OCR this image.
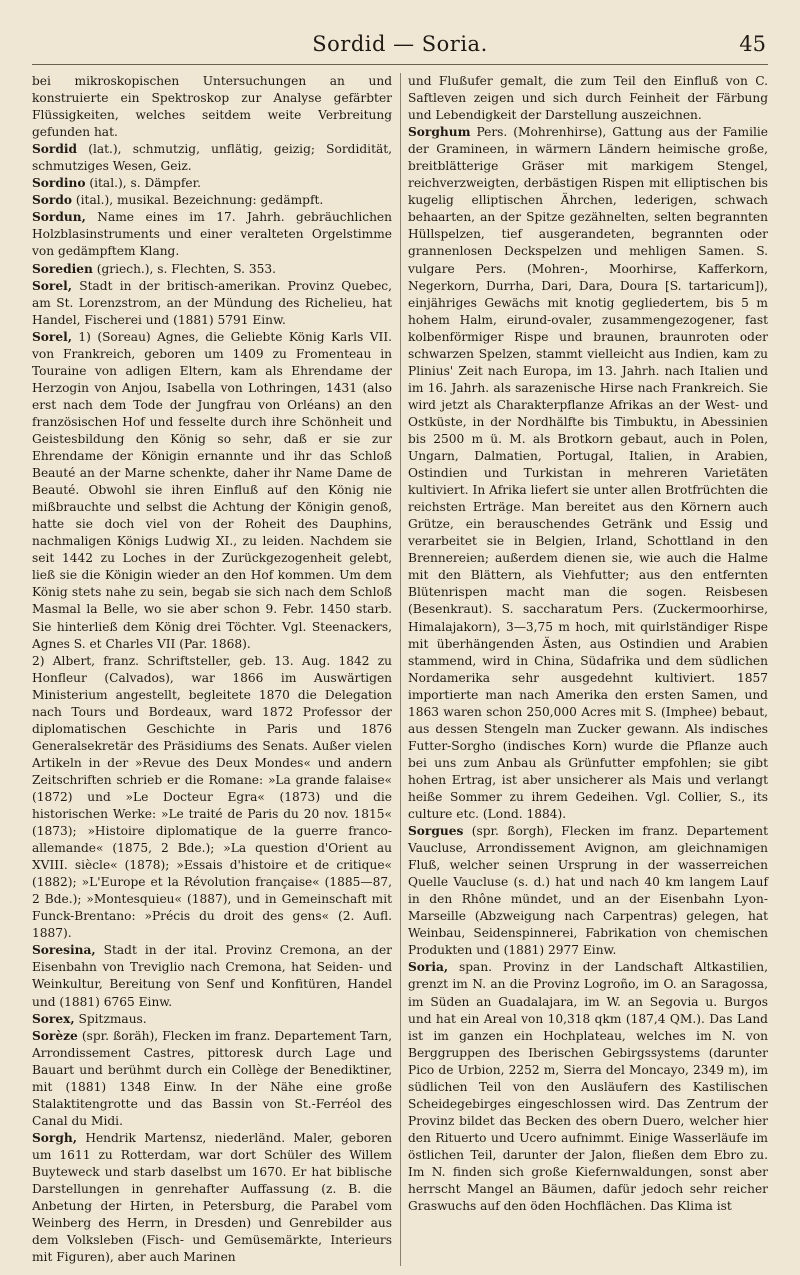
Sordid — Soria.	45

bei mikroskopischen Untersuchungen an und konstruierte ein Spektroskop zur Analyse gefärbter Flüssigkeiten, welches seitdem weite Verbreitung gefunden hat.

Sordid (lat.), schmutzig, unflätig, geizig; Sordidität, schmutziges Wesen, Geiz.

Sordino (ital.), s. Dämpfer.

Sordo (ital.), musikal. Bezeichnung: gedämpft.

Sordun, Name eines im 17. Jahrh. gebräuchlichen Holzblasinstruments und einer veralteten Orgelstimme von gedämpftem Klang.

Soredien (griech.), s. Flechten, S. 353.

Sorel, Stadt in der britisch-amerikan. Provinz Quebec, am St. Lorenzstrom, an der Mündung des Richelieu, hat Handel, Fischerei und (1881) 5791 Einw.

Sorel, 1) (Soreau) Agnes, die Geliebte König Karls VII. von Frankreich, geboren um 1409 zu Fromenteau in Touraine von adligen Eltern, kam als Ehrendame der Herzogin von Anjou, Isabella von Lothringen, 1431 (also erst nach dem Tode der Jungfrau von Orléans) an den französischen Hof und fesselte durch ihre Schönheit und Geistesbildung den König so sehr, daß er sie zur Ehrendame der Königin ernannte und ihr das Schloß Beauté an der Marne schenkte, daher ihr Name Dame de Beauté. Obwohl sie ihren Einfluß auf den König nie mißbrauchte und selbst die Achtung der Königin genoß, hatte sie doch viel von der Roheit des Dauphins, nachmaligen Königs Ludwig XI., zu leiden. Nachdem sie seit 1442 zu Loches in der Zurückgezogenheit gelebt, ließ sie die Königin wieder an den Hof kommen. Um dem König stets nahe zu sein, begab sie sich nach dem Schloß Masmal la Belle, wo sie aber schon 9. Febr. 1450 starb. Sie hinterließ dem König drei Töchter. Vgl. Steenackers, Agnes S. et Charles VII (Par. 1868).

2) Albert, franz. Schriftsteller, geb. 13. Aug. 1842 zu Honfleur (Calvados), war 1866 im Auswärtigen Ministerium angestellt, begleitete 1870 die Delegation nach Tours und Bordeaux, ward 1872 Professor der diplomatischen Geschichte in Paris und 1876 Generalsekretär des Präsidiums des Senats. Außer vielen Artikeln in der »Revue des Deux Mondes« und andern Zeitschriften schrieb er die Romane: »La grande falaise« (1872) und »Le Docteur Egra« (1873) und die historischen Werke: »Le traité de Paris du 20 nov. 1815« (1873); »Histoire diplomatique de la guerre franco-allemande« (1875, 2 Bde.); »La question d'Orient au XVIII. siècle« (1878); »Essais d'histoire et de critique« (1882); »L'Europe et la Révolution française« (1885—87, 2 Bde.); »Montesquieu« (1887), und in Gemeinschaft mit Funck-Brentano: »Précis du droit des gens« (2. Aufl. 1887).

Soresina, Stadt in der ital. Provinz Cremona, an der Eisenbahn von Treviglio nach Cremona, hat Seiden- und Weinkultur, Bereitung von Senf und Konfitüren, Handel und (1881) 6765 Einw.

Sorex, Spitzmaus.

Sorèze (spr. ßoräh), Flecken im franz. Departement Tarn, Arrondissement Castres, pittoresk durch Lage und Bauart und berühmt durch ein Collège der Benediktiner, mit (1881) 1348 Einw. In der Nähe eine große Stalaktitengrotte und das Bassin von St.-Ferréol des Canal du Midi.

Sorgh, Hendrik Martensz, niederländ. Maler, geboren um 1611 zu Rotterdam, war dort Schüler des Willem Buyteweck und starb daselbst um 1670. Er hat biblische Darstellungen in genrehafter Auffassung (z. B. die Anbetung der Hirten, in Petersburg, die Parabel vom Weinberg des Herrn, in Dresden) und Genrebilder aus dem Volksleben (Fisch- und Gemüsemärkte, Interieurs mit Figuren), aber auch Marinen

und Flußufer gemalt, die zum Teil den Einfluß von C. Saftleven zeigen und sich durch Feinheit der Färbung und Lebendigkeit der Darstellung auszeichnen.

Sorghum Pers. (Mohrenhirse), Gattung aus der Familie der Gramineen, in wärmern Ländern heimische große, breitblätterige Gräser mit markigem Stengel, reichverzweigten, derbästigen Rispen mit elliptischen bis kugelig elliptischen Ährchen, lederigen, schwach behaarten, an der Spitze gezähnelten, selten begrannten Hüllspelzen, tief ausgerandeten, begrannten oder grannenlosen Deckspelzen und mehligen Samen. S. vulgare Pers. (Mohren-, Moorhirse, Kafferkorn, Negerkorn, Durrha, Dari, Dara, Doura [S. tartaricum]), einjähriges Gewächs mit knotig gegliedertem, bis 5 m hohem Halm, eirund-ovaler, zusammengezogener, fast kolbenförmiger Rispe und braunen, braunroten oder schwarzen Spelzen, stammt vielleicht aus Indien, kam zu Plinius' Zeit nach Europa, im 13. Jahrh. nach Italien und im 16. Jahrh. als sarazenische Hirse nach Frankreich. Sie wird jetzt als Charakterpflanze Afrikas an der West- und Ostküste, in der Nordhälfte bis Timbuktu, in Abessinien bis 2500 m ü. M. als Brotkorn gebaut, auch in Polen, Ungarn, Dalmatien, Portugal, Italien, in Arabien, Ostindien und Turkistan in mehreren Varietäten kultiviert. In Afrika liefert sie unter allen Brotfrüchten die reichsten Erträge. Man bereitet aus den Körnern auch Grütze, ein berauschendes Getränk und Essig und verarbeitet sie in Belgien, Irland, Schottland in den Brennereien; außerdem dienen sie, wie auch die Halme mit den Blättern, als Viehfutter; aus den entfernten Blütenrispen macht man die sogen. Reisbesen (Besenkraut). S. saccharatum Pers. (Zuckermoorhirse, Himalajakorn), 3—3,75 m hoch, mit quirlständiger Rispe mit überhängenden Ästen, aus Ostindien und Arabien stammend, wird in China, Südafrika und dem südlichen Nordamerika sehr ausgedehnt kultiviert. 1857 importierte man nach Amerika den ersten Samen, und 1863 waren schon 250,000 Acres mit S. (Imphee) bebaut, aus dessen Stengeln man Zucker gewann. Als indisches Futter-Sorgho (indisches Korn) wurde die Pflanze auch bei uns zum Anbau als Grünfutter empfohlen; sie gibt hohen Ertrag, ist aber unsicherer als Mais und verlangt heiße Sommer zu ihrem Gedeihen. Vgl. Collier, S., its culture etc. (Lond. 1884).

Sorgues (spr. ßorgh), Flecken im franz. Departement Vaucluse, Arrondissement Avignon, am gleichnamigen Fluß, welcher seinen Ursprung in der wasserreichen Quelle Vaucluse (s. d.) hat und nach 40 km langem Lauf in den Rhône mündet, und an der Eisenbahn Lyon-Marseille (Abzweigung nach Carpentras) gelegen, hat Weinbau, Seidenspinnerei, Fabrikation von chemischen Produkten und (1881) 2977 Einw.

Soria, span. Provinz in der Landschaft Altkastilien, grenzt im N. an die Provinz Logroño, im O. an Saragossa, im Süden an Guadalajara, im W. an Segovia u. Burgos und hat ein Areal von 10,318 qkm (187,4 QM.). Das Land ist im ganzen ein Hochplateau, welches im N. von Berggruppen des Iberischen Gebirgssystems (darunter Pico de Urbion, 2252 m, Sierra del Moncayo, 2349 m), im südlichen Teil von den Ausläufern des Kastilischen Scheidegebirges eingeschlossen wird. Das Zentrum der Provinz bildet das Becken des obern Duero, welcher hier den Rituerto und Ucero aufnimmt. Einige Wasserläufe im östlichen Teil, darunter der Jalon, fließen dem Ebro zu. Im N. finden sich große Kiefernwaldungen, sonst aber herrscht Mangel an Bäumen, dafür jedoch sehr reicher Graswuchs auf den öden Hochflächen. Das Klima ist
